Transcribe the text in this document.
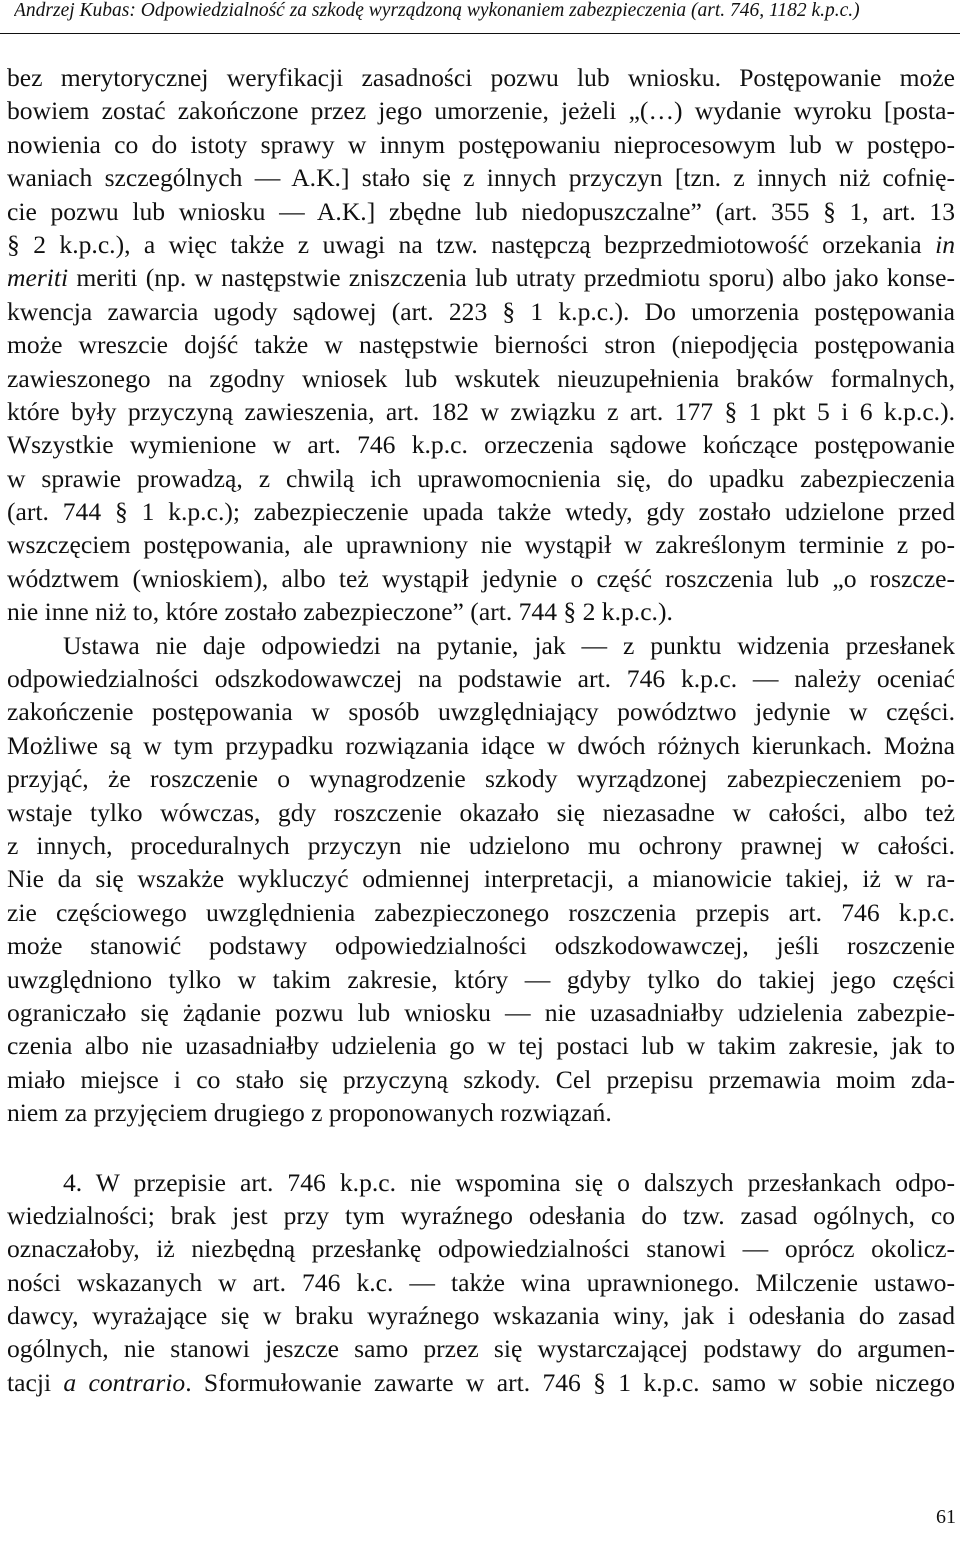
Andrzej Kubas: Odpowiedzialność za szkodę wyrządzoną wykonaniem zabezpieczenia (art. 746, 1182 k.p.c.)
bez merytorycznej weryfikacji zasadności pozwu lub wniosku. Postępowanie może
bowiem zostać zakończone przez jego umorzenie, jeżeli „(…) wydanie wyroku [posta-
nowienia co do istoty sprawy w innym postępowaniu nieprocesowym lub w postępo-
waniach szczególnych — A.K.] stało się z innych przyczyn [tzn. z innych niż cofnię-
cie pozwu lub wniosku — A.K.] zbędne lub niedopuszczalne” (art. 355 § 1, art. 13
§ 2 k.p.c.), a więc także z uwagi na tzw. następczą bezprzedmiotowość orzekania in
meriti meriti (np. w następstwie zniszczenia lub utraty przedmiotu sporu) albo jako konse-
kwencja zawarcia ugody sądowej (art. 223 § 1 k.p.c.). Do umorzenia postępowania
może wreszcie dojść także w następstwie bierności stron (niepodjęcia postępowania
zawieszonego na zgodny wniosek lub wskutek nieuzupełnienia braków formalnych,
które były przyczyną zawieszenia, art. 182 w związku z art. 177 § 1 pkt 5 i 6 k.p.c.).
Wszystkie wymienione w art. 746 k.p.c. orzeczenia sądowe kończące postępowanie
w sprawie prowadzą, z chwilą ich uprawomocnienia się, do upadku zabezpieczenia
(art. 744 § 1 k.p.c.); zabezpieczenie upada także wtedy, gdy zostało udzielone przed
wszczęciem postępowania, ale uprawniony nie wystąpił w zakreślonym terminie z po-
wództwem (wnioskiem), albo też wystąpił jedynie o część roszczenia lub „o roszcze-
nie inne niż to, które zostało zabezpieczone” (art. 744 § 2 k.p.c.).
Ustawa nie daje odpowiedzi na pytanie, jak — z punktu widzenia przesłanek
odpowiedzialności odszkodowawczej na podstawie art. 746 k.p.c. — należy oceniać
zakończenie postępowania w sposób uwzględniający powództwo jedynie w części.
Możliwe są w tym przypadku rozwiązania idące w dwóch różnych kierunkach. Można
przyjąć, że roszczenie o wynagrodzenie szkody wyrządzonej zabezpieczeniem po-
wstaje tylko wówczas, gdy roszczenie okazało się niezasadne w całości, albo też
z innych, proceduralnych przyczyn nie udzielono mu ochrony prawnej w całości.
Nie da się wszakże wykluczyć odmiennej interpretacji, a mianowicie takiej, iż w ra-
zie częściowego uwzględnienia zabezpieczonego roszczenia przepis art. 746 k.p.c.
może stanowić podstawy odpowiedzialności odszkodowawczej, jeśli roszczenie
uwzględniono tylko w takim zakresie, który — gdyby tylko do takiej jego części
ograniczało się żądanie pozwu lub wniosku — nie uzasadniałby udzielenia zabezpie-
czenia albo nie uzasadniałby udzielenia go w tej postaci lub w takim zakresie, jak to
miało miejsce i co stało się przyczyną szkody. Cel przepisu przemawia moim zda-
niem za przyjęciem drugiego z proponowanych rozwiązań.
4. W przepisie art. 746 k.p.c. nie wspomina się o dalszych przesłankach odpo-
wiedzialności; brak jest przy tym wyraźnego odesłania do tzw. zasad ogólnych, co
oznaczałoby, iż niezbędną przesłankę odpowiedzialności stanowi — oprócz okolicz-
ności wskazanych w art. 746 k.c. — także wina uprawnionego. Milczenie ustawo-
dawcy, wyrażające się w braku wyraźnego wskazania winy, jak i odesłania do zasad
ogólnych, nie stanowi jeszcze samo przez się wystarczającej podstawy do argumen-
tacji a contrario. Sformułowanie zawarte w art. 746 § 1 k.p.c. samo w sobie niczego
61
